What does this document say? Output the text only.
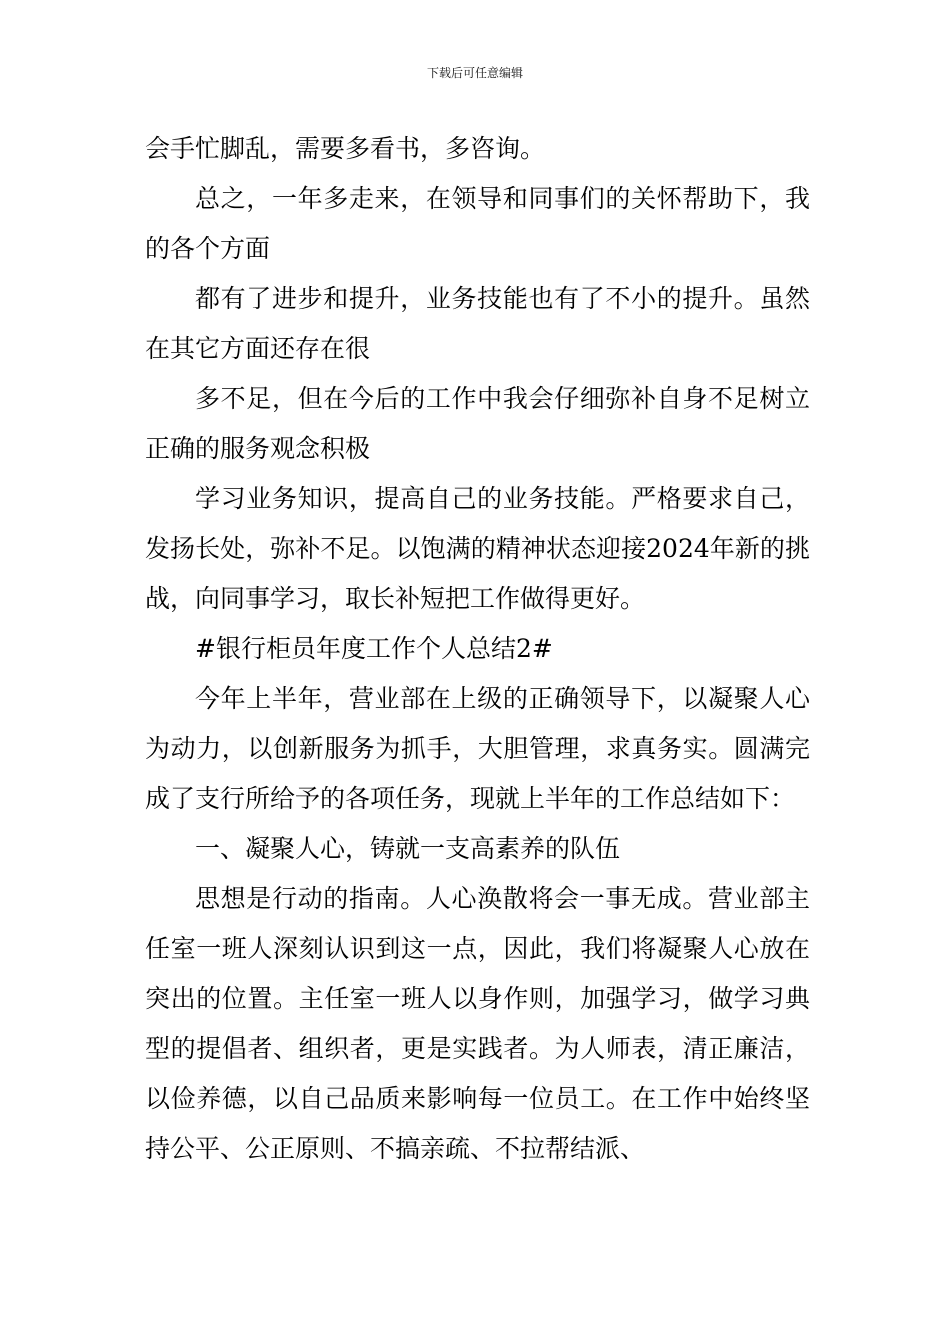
下载后可任意编辑

会手忙脚乱，需要多看书，多咨询。

总之，一年多走来，在领导和同事们的关怀帮助下，我的各个方面

都有了进步和提升，业务技能也有了不小的提升。虽然在其它方面还存在很

多不足，但在今后的工作中我会仔细弥补自身不足树立正确的服务观念积极

学习业务知识，提高自己的业务技能。严格要求自己，发扬长处，弥补不足。以饱满的精神状态迎接2024年新的挑战，向同事学习，取长补短把工作做得更好。

#银行柜员年度工作个人总结2#

今年上半年，营业部在上级的正确领导下，以凝聚人心为动力，以创新服务为抓手，大胆管理，求真务实。圆满完成了支行所给予的各项任务，现就上半年的工作总结如下：

一、凝聚人心，铸就一支高素养的队伍

思想是行动的指南。人心涣散将会一事无成。营业部主任室一班人深刻认识到这一点，因此，我们将凝聚人心放在突出的位置。主任室一班人以身作则，加强学习，做学习典型的提倡者、组织者，更是实践者。为人师表，清正廉洁，以俭养德，以自己品质来影响每一位员工。在工作中始终坚持公平、公正原则、不搞亲疏、不拉帮结派、
